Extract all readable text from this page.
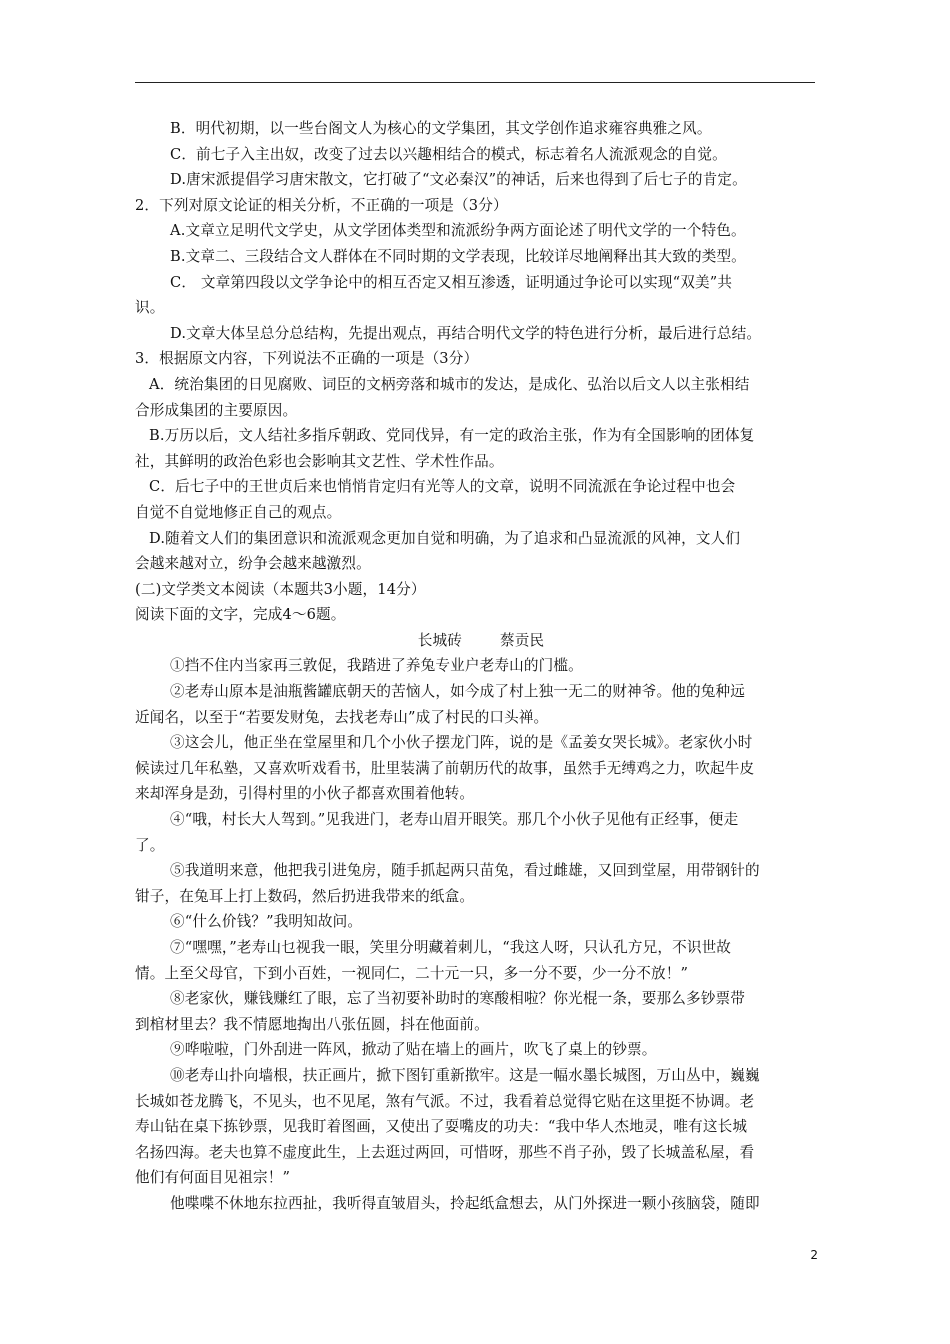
B．明代初期，以一些台阁文人为核心的文学集团，其文学创作追求雍容典雅之风。
C．前七子入主出奴，改变了过去以兴趣相结合的模式，标志着名人流派观念的自觉。
D.唐宋派提倡学习唐宋散文，它打破了“文必秦汉”的神话，后来也得到了后七子的肯定。
2．下列对原文论证的相关分析，不正确的一项是（3分）
A.文章立足明代文学史，从文学团体类型和流派纷争两方面论述了明代文学的一个特色。
B.文章二、三段结合文人群体在不同时期的文学表现，比较详尽地阐释出其大致的类型。
C． 文章第四段以文学争论中的相互否定又相互渗透，证明通过争论可以实现“双美”共
识。
D.文章大体呈总分总结构，先提出观点，再结合明代文学的特色进行分析，最后进行总结。
3．根据原文内容，下列说法不正确的一项是（3分）
A．统治集团的日见腐败、词臣的文柄旁落和城市的发达，是成化、弘治以后文人以主张相结
合形成集团的主要原因。
B.万历以后，文人结社多指斥朝政、党同伐异，有一定的政治主张，作为有全国影响的团体复
社，其鲜明的政治色彩也会影响其文艺性、学术性作品。
C．后七子中的王世贞后来也悄悄肯定归有光等人的文章，说明不同流派在争论过程中也会
自觉不自觉地修正自己的观点。
D.随着文人们的集团意识和流派观念更加自觉和明确，为了追求和凸显流派的风神，文人们
会越来越对立，纷争会越来越激烈。
(二)文学类文本阅读（本题共3小题，14分）
阅读下面的文字，完成4～6题。
长城砖	蔡贡民
①挡不住内当家再三敦促，我踏进了养兔专业户老寿山的门槛。
②老寿山原本是油瓶酱罐底朝天的苦恼人，如今成了村上独一无二的财神爷。他的兔种远
近闻名，以至于“若要发财兔，去找老寿山”成了村民的口头禅。
③这会儿，他正坐在堂屋里和几个小伙子摆龙门阵，说的是《孟姜女哭长城》。老家伙小时
候读过几年私塾，又喜欢听戏看书，肚里装满了前朝历代的故事，虽然手无缚鸡之力，吹起牛皮
来却浑身是劲，引得村里的小伙子都喜欢围着他转。
④“哦，村长大人驾到。”见我进门，老寿山眉开眼笑。那几个小伙子见他有正经事，便走
了。
⑤我道明来意，他把我引进兔房，随手抓起两只苗兔，看过雌雄，又回到堂屋，用带钢针的
钳子，在兔耳上打上数码，然后扔进我带来的纸盒。
⑥“什么价钱？”我明知故问。
⑦“嘿嘿，”老寿山乜视我一眼，笑里分明藏着刺儿，“我这人呀，只认孔方兄，不识世故
情。上至父母官，下到小百姓，一视同仁，二十元一只，多一分不要，少一分不放！”
⑧老家伙，赚钱赚红了眼，忘了当初要补助时的寒酸相啦？你光棍一条，要那么多钞票带
到棺材里去？我不情愿地掏出八张伍圆，抖在他面前。
⑨哗啦啦，门外刮进一阵风，掀动了贴在墙上的画片，吹飞了桌上的钞票。
⑩老寿山扑向墙根，扶正画片，掀下图钉重新揿牢。这是一幅水墨长城图，万山丛中，巍巍
长城如苍龙腾飞，不见头，也不见尾，煞有气派。不过，我看着总觉得它贴在这里挺不协调。老
寿山钻在桌下拣钞票，见我盯着图画，又使出了耍嘴皮的功夫：“我中华人杰地灵，唯有这长城
名扬四海。老夫也算不虚度此生，上去逛过两回，可惜呀，那些不肖子孙，毁了长城盖私屋，看
他们有何面目见祖宗！”
他喋喋不休地东拉西扯，我听得直皱眉头，拎起纸盒想去，从门外探进一颗小孩脑袋，随即
2
